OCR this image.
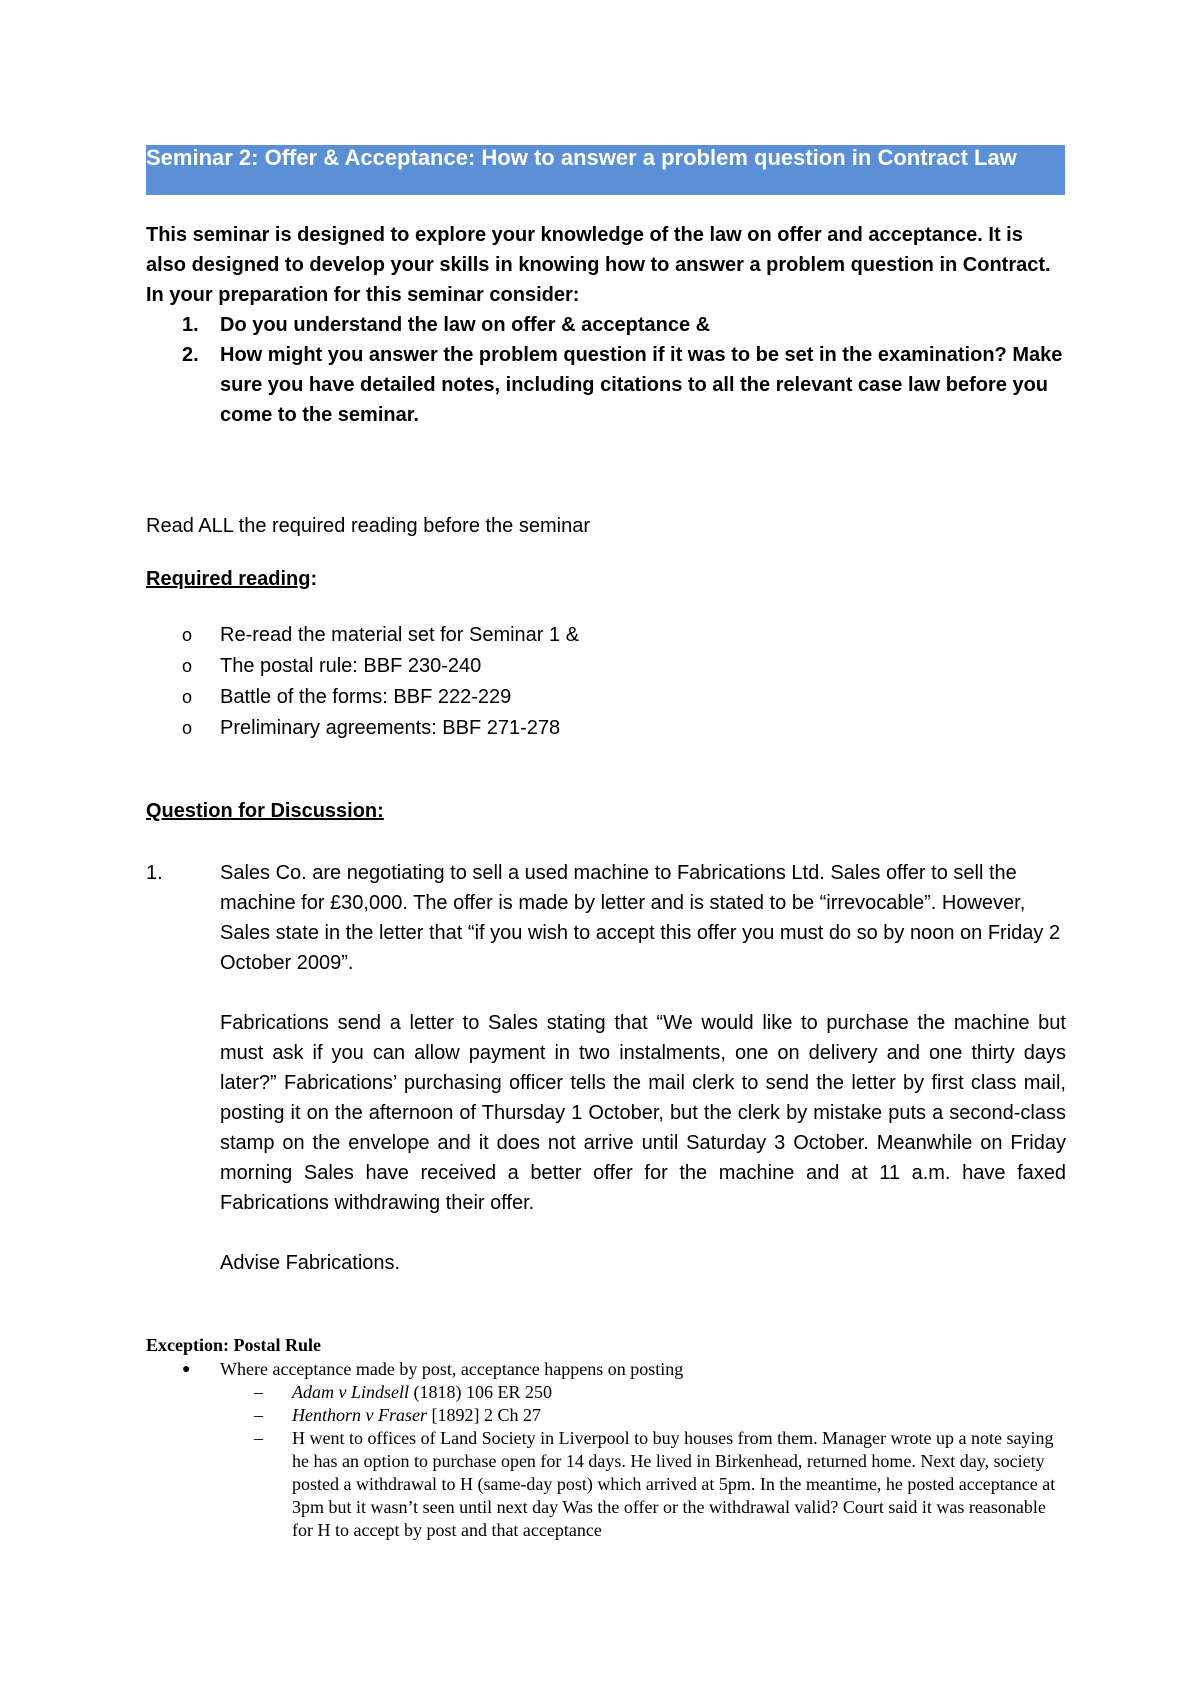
Seminar 2: Offer & Acceptance: How to answer a problem question in Contract Law

This seminar is designed to explore your knowledge of the law on offer and acceptance. It is also designed to develop your skills in knowing how to answer a problem question in Contract.

In your preparation for this seminar consider:

1. Do you understand the law on offer & acceptance &
2. How might you answer the problem question if it was to be set in the examination? Make sure you have detailed notes, including citations to all the relevant case law before you come to the seminar.
Read ALL the required reading before the seminar
Required reading:
o Re-read the material set for Seminar 1 &
o The postal rule: BBF 230-240
o Battle of the forms: BBF 222-229
o Preliminary agreements: BBF 271-278
Question for Discussion:
1.	Sales Co. are negotiating to sell a used machine to Fabrications Ltd. Sales offer to sell the machine for £30,000. The offer is made by letter and is stated to be “irrevocable”. However, Sales state in the letter that “if you wish to accept this offer you must do so by noon on Friday 2 October 2009”.

Fabrications send a letter to Sales stating that “We would like to purchase the machine but must ask if you can allow payment in two instalments, one on delivery and one thirty days later?” Fabrications’ purchasing officer tells the mail clerk to send the letter by first class mail, posting it on the afternoon of Thursday 1 October, but the clerk by mistake puts a second-class stamp on the envelope and it does not arrive until Saturday 3 October. Meanwhile on Friday morning Sales have received a better offer for the machine and at 11 a.m. have faxed Fabrications withdrawing their offer.

Advise Fabrications.

Exception: Postal Rule
● Where acceptance made by post, acceptance happens on posting
– Adam v Lindsell (1818) 106 ER 250
– Henthorn v Fraser [1892] 2 Ch 27
– H went to offices of Land Society in Liverpool to buy houses from them. Manager wrote up a note saying he has an option to purchase open for 14 days. He lived in Birkenhead, returned home. Next day, society posted a withdrawal to H (same-day post) which arrived at 5pm. In the meantime, he posted acceptance at 3pm but it wasn’t seen until next day Was the offer or the withdrawal valid? Court said it was reasonable for H to accept by post and that acceptance
